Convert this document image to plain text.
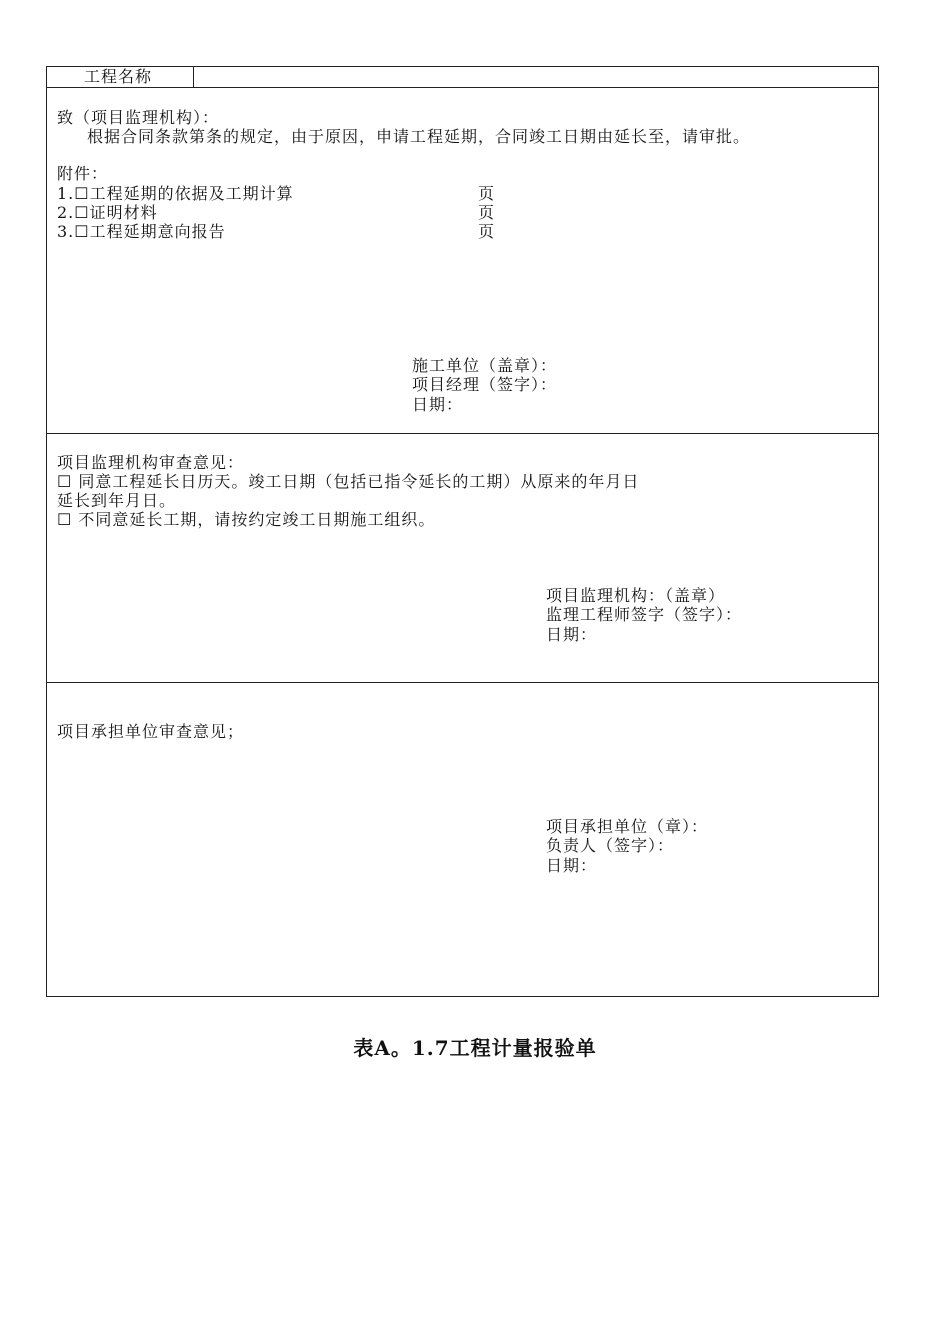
工程名称
致（项目监理机构）：
根据合同条款第条的规定，由于原因，申请工程延期，合同竣工日期由延长至，请审批。
附件：
1.☐工程延期的依据及工期计算	页
2.☐证明材料	页
3.☐工程延期意向报告	页
施工单位（盖章）：
项目经理（签字）：
日期：
项目监理机构审查意见：
☐ 同意工程延长日历天。竣工日期（包括已指令延长的工期）从原来的年月日
延长到年月日。
☐ 不同意延长工期，请按约定竣工日期施工组织。
项目监理机构：（盖章）
监理工程师签字（签字）：
日期：
项目承担单位审查意见；
项目承担单位（章）：
负责人（签字）：
日期：
表A。1.7工程计量报验单
